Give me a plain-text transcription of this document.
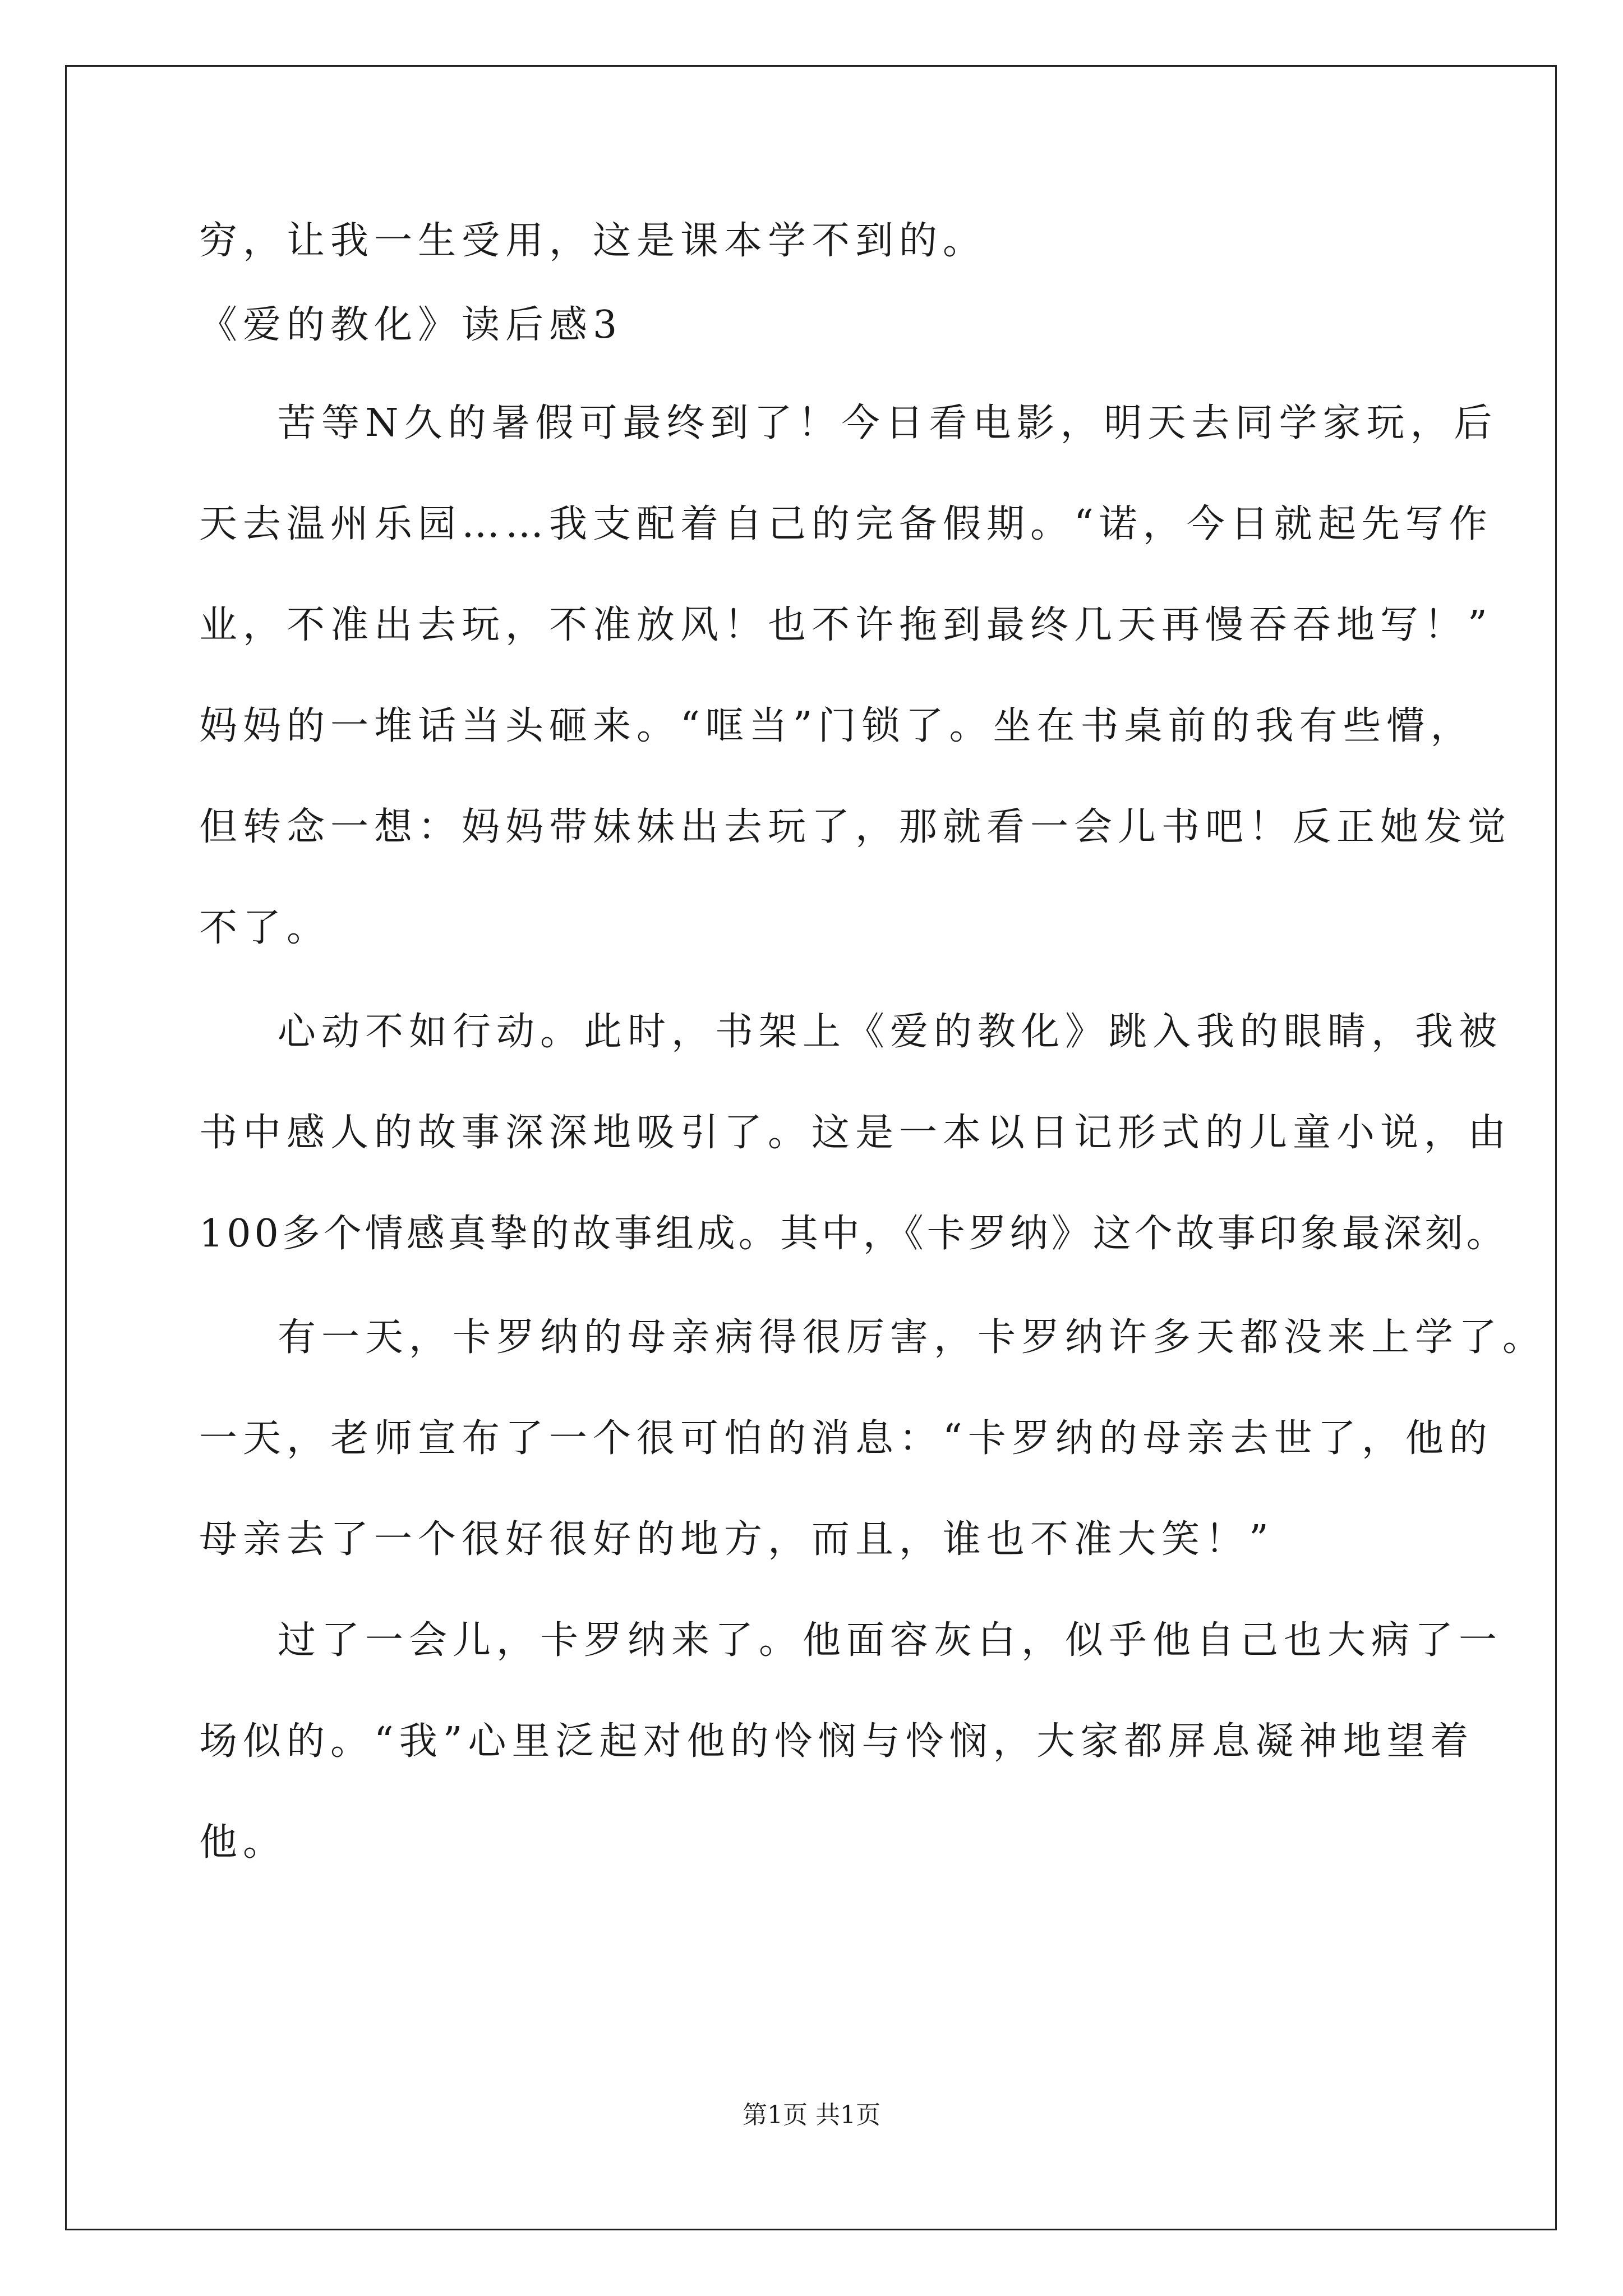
穷，让我一生受用，这是课本学不到的。
《爱的教化》读后感3
苦等N久的暑假可最终到了！今日看电影，明天去同学家玩，后
天去温州乐园……我支配着自己的完备假期。“诺，今日就起先写作
业，不准出去玩，不准放风！也不许拖到最终几天再慢吞吞地写！”
妈妈的一堆话当头砸来。“哐当”门锁了。坐在书桌前的我有些懵，
但转念一想：妈妈带妹妹出去玩了，那就看一会儿书吧！反正她发觉
不了。
心动不如行动。此时，书架上《爱的教化》跳入我的眼睛，我被
书中感人的故事深深地吸引了。这是一本以日记形式的儿童小说，由
100多个情感真挚的故事组成。其中，《卡罗纳》这个故事印象最深刻。
有一天，卡罗纳的母亲病得很厉害，卡罗纳许多天都没来上学了。
一天，老师宣布了一个很可怕的消息：“卡罗纳的母亲去世了，他的
母亲去了一个很好很好的地方，而且，谁也不准大笑！”
过了一会儿，卡罗纳来了。他面容灰白，似乎他自己也大病了一
场似的。“我”心里泛起对他的怜悯与怜悯，大家都屏息凝神地望着
他。
第1页 共1页
